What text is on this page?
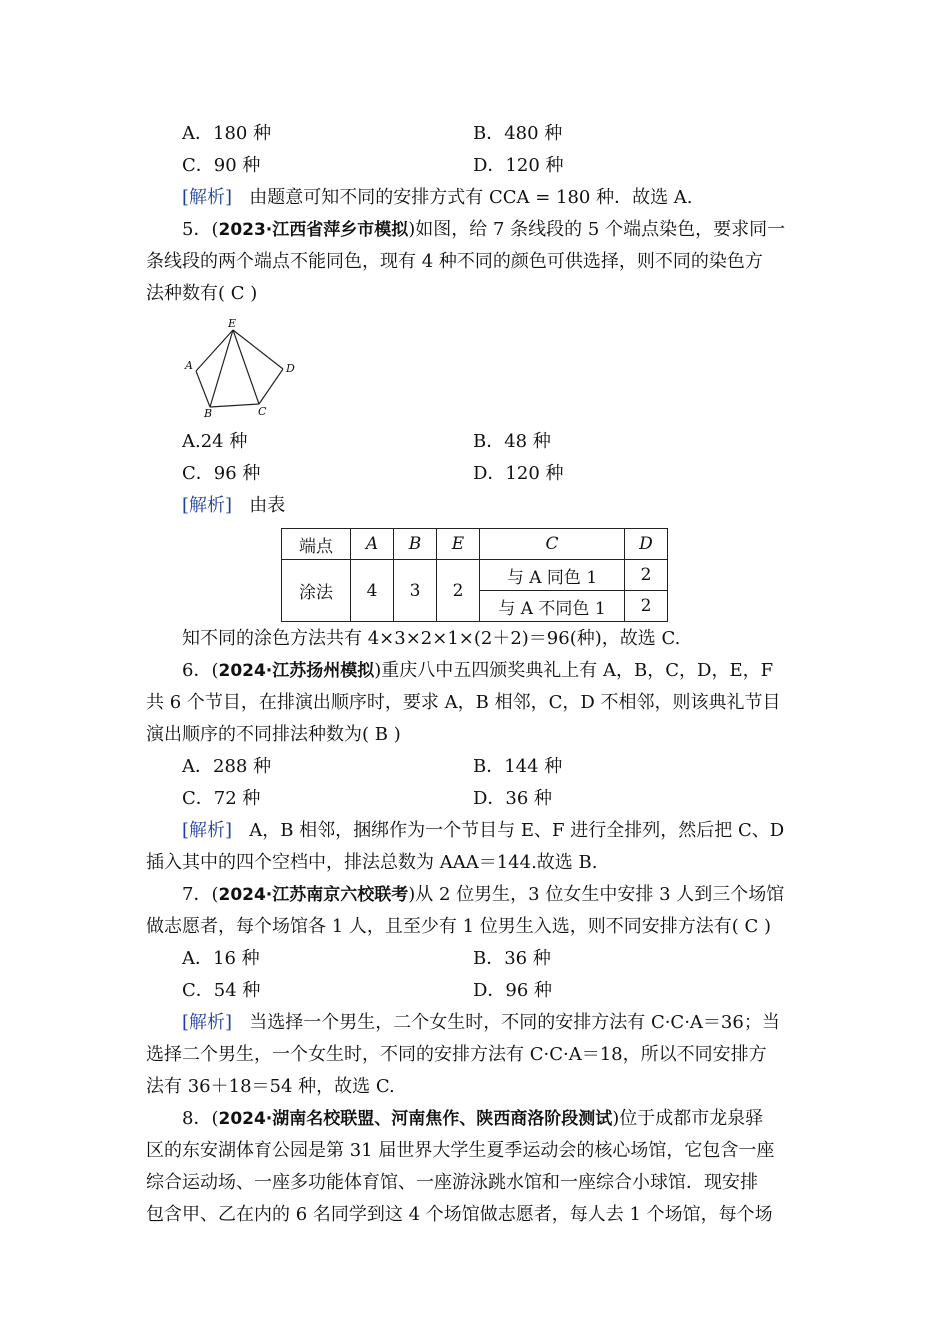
A．180 种	B．480 种
C．90 种	D．120 种
[解析] 由题意可知不同的安排方式有 CCA = 180 种．故选 A.
5．(2023·江西省萍乡市模拟)如图，给 7 条线段的 5 个端点染色，要求同一
条线段的两个端点不能同色，现有 4 种不同的颜色可供选择，则不同的染色方
法种数有( C )
E
A
B	C
D
A.24 种	B．48 种
C．96 种	D．120 种
[解析] 由表
端点	A	B	E	C	D
涂法	4	3	2	与 A 同色 1	2
				与 A 不同色 1	2
知不同的涂色方法共有 4×3×2×1×(2＋2)＝96(种)，故选 C.
6．(2024·江苏扬州模拟)重庆八中五四颁奖典礼上有 A，B，C，D，E，F
共 6 个节目，在排演出顺序时，要求 A，B 相邻，C，D 不相邻，则该典礼节目
演出顺序的不同排法种数为( B )
A．288 种	B．144 种
C．72 种	D．36 种
[解析] A，B 相邻，捆绑作为一个节目与 E、F 进行全排列，然后把 C、D
插入其中的四个空档中，排法总数为 AAA＝144.故选 B.
7．(2024·江苏南京六校联考)从 2 位男生，3 位女生中安排 3 人到三个场馆
做志愿者，每个场馆各 1 人，且至少有 1 位男生入选，则不同安排方法有( C )
A．16 种	B．36 种
C．54 种	D．96 种
[解析] 当选择一个男生，二个女生时，不同的安排方法有 C·C·A＝36；当
选择二个男生，一个女生时，不同的安排方法有 C·C·A＝18，所以不同安排方
法有 36＋18＝54 种，故选 C.
8．(2024·湖南名校联盟、河南焦作、陕西商洛阶段测试)位于成都市龙泉驿
区的东安湖体育公园是第 31 届世界大学生夏季运动会的核心场馆，它包含一座
综合运动场、一座多功能体育馆、一座游泳跳水馆和一座综合小球馆．现安排
包含甲、乙在内的 6 名同学到这 4 个场馆做志愿者，每人去 1 个场馆，每个场
